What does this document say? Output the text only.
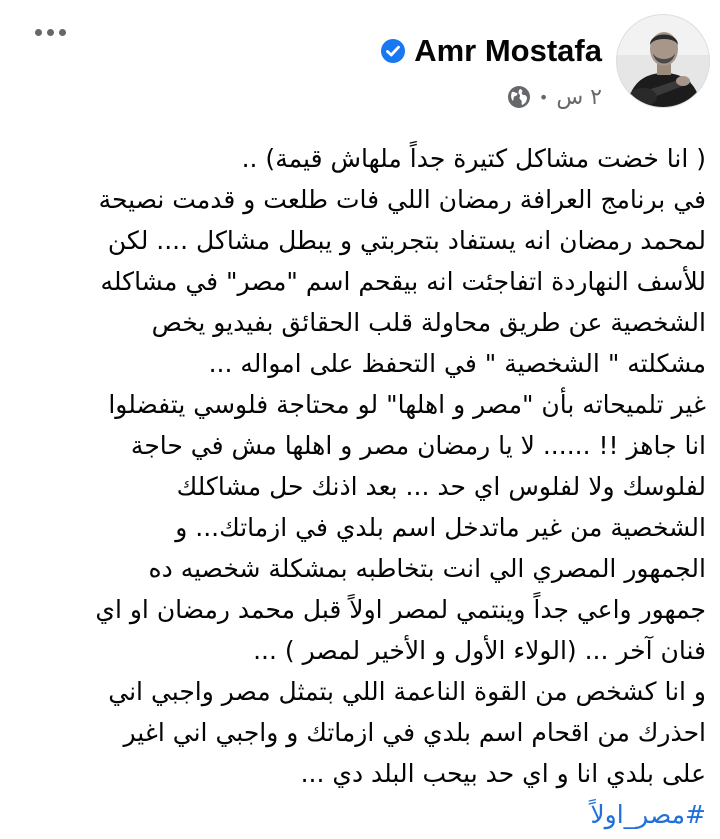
Amr Mostafa
٢ س
•
( انا خضت مشاكل كتيرة جداً ملهاش قيمة) ..
في برنامج العرافة رمضان اللي فات طلعت و قدمت نصيحة
لمحمد رمضان انه يستفاد بتجربتي و يبطل مشاكل .... لكن
للأسف النهاردة اتفاجئت انه بيقحم اسم "مصر" في مشاكله
الشخصية عن طريق محاولة قلب الحقائق بفيديو يخص
مشكلته " الشخصية " في التحفظ على امواله ...
غير تلميحاته بأن "مصر و اهلها" لو محتاجة فلوسي يتفضلوا
انا جاهز !! ...... لا يا رمضان مصر و اهلها مش في حاجة
لفلوسك ولا لفلوس اي حد ... بعد اذنك حل مشاكلك
الشخصية من غير ماتدخل اسم بلدي في ازماتك... و
الجمهور المصري الي انت بتخاطبه بمشكلة شخصيه ده
جمهور واعي جداً وينتمي لمصر اولاً قبل محمد رمضان او اي
فنان آخر ... (الولاء الأول و الأخير لمصر ) ...
و انا كشخص من القوة الناعمة اللي بتمثل مصر واجبي اني
احذرك من اقحام اسم بلدي في ازماتك و واجبي اني اغير
على بلدي انا و اي حد بيحب البلد دي ...
#مصر_اولاً
